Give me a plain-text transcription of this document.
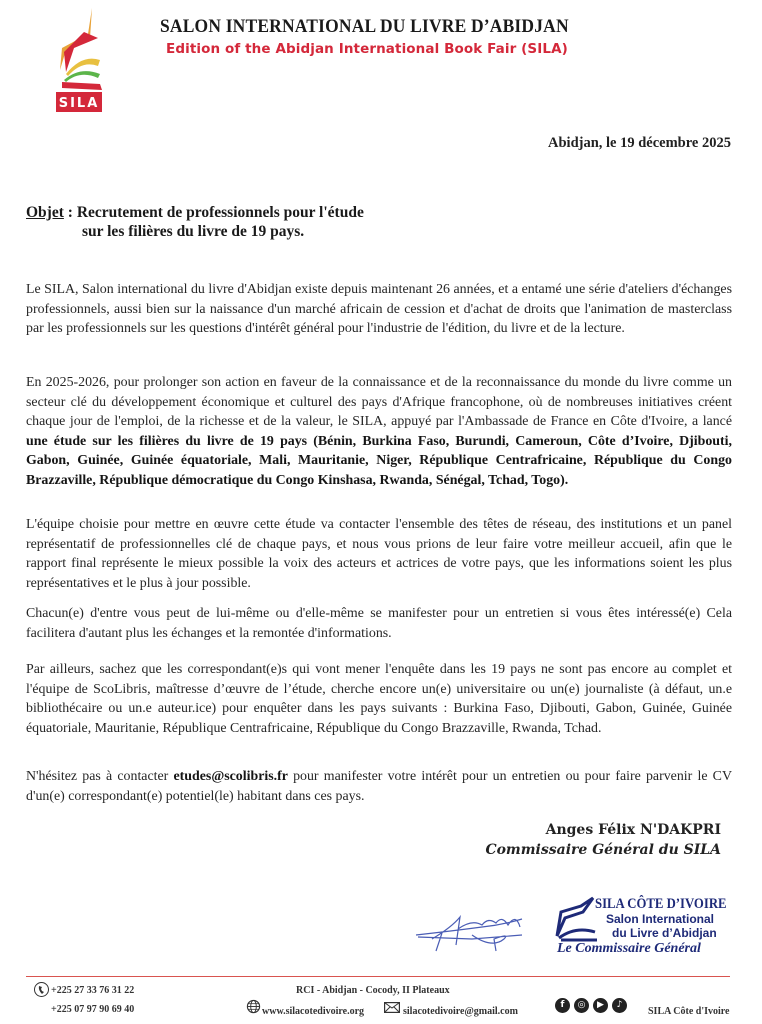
SILA
SALON INTERNATIONAL DU LIVRE D’ABIDJAN
Edition of the Abidjan International Book Fair (SILA)
Abidjan, le 19 décembre 2025
Objet : Recrutement de professionnels pour l'étude
sur les filières du livre de 19 pays.
Le SILA, Salon international du livre d'Abidjan existe depuis maintenant 26 années, et a entamé une série d'ateliers d'échanges professionnels, aussi bien sur la naissance d'un marché africain de cession et d'achat de droits que l'animation de masterclass par les professionnels sur les questions d'intérêt général pour l'industrie de l'édition, du livre et de la lecture.
En 2025-2026, pour prolonger son action en faveur de la connaissance et de la reconnaissance du monde du livre comme un secteur clé du développement économique et culturel des pays d'Afrique francophone, où de nombreuses initiatives créent chaque jour de l'emploi, de la richesse et de la valeur, le SILA, appuyé par l'Ambassade de France en Côte d'Ivoire, a lancé une étude sur les filières du livre de 19 pays (Bénin, Burkina Faso, Burundi, Cameroun, Côte d’Ivoire, Djibouti, Gabon, Guinée, Guinée équatoriale, Mali, Mauritanie, Niger, République Centrafricaine, République du Congo Brazzaville, République démocratique du Congo Kinshasa, Rwanda, Sénégal, Tchad, Togo).
L'équipe choisie pour mettre en œuvre cette étude va contacter l'ensemble des têtes de réseau, des institutions et un panel représentatif de professionnelles clé de chaque pays, et nous vous prions de leur faire votre meilleur accueil, afin que le rapport final représente le mieux possible la voix des acteurs et actrices de votre pays, que les informations soient les plus représentatives et le plus à jour possible.
Chacun(e) d'entre vous peut de lui-même ou d'elle-même se manifester pour un entretien si vous êtes intéressé(e) Cela facilitera d'autant plus les échanges et la remontée d'informations.
Par ailleurs, sachez que les correspondant(e)s qui vont mener l'enquête dans les 19 pays ne sont pas encore au complet et l'équipe de ScoLibris, maîtresse d’œuvre de l’étude, cherche encore un(e) universitaire ou un(e) journaliste (à défaut, un.e bibliothécaire ou un.e auteur.ice) pour enquêter dans les pays suivants : Burkina Faso, Djibouti, Gabon, Guinée, Guinée équatoriale, Mauritanie, République Centrafricaine, République du Congo Brazzaville, Rwanda, Tchad.
N'hésitez pas à contacter etudes@scolibris.fr pour manifester votre intérêt pour un entretien ou pour faire parvenir le CV d'un(e) correspondant(e) potentiel(le) habitant dans ces pays.
Anges Félix N'DAKPRI
Commissaire Général du SILA
SILA CÔTE D’IVOIRE
Salon International
du Livre d’Abidjan
Le Commissaire Général
+225 27 33 76 31 22
+225 07 97 90 69 40
RCI - Abidjan - Cocody, II Plateaux
www.silacotedivoire.org	silacotedivoire@gmail.com
f	◎	▶	♪
SILA Côte d'Ivoire
